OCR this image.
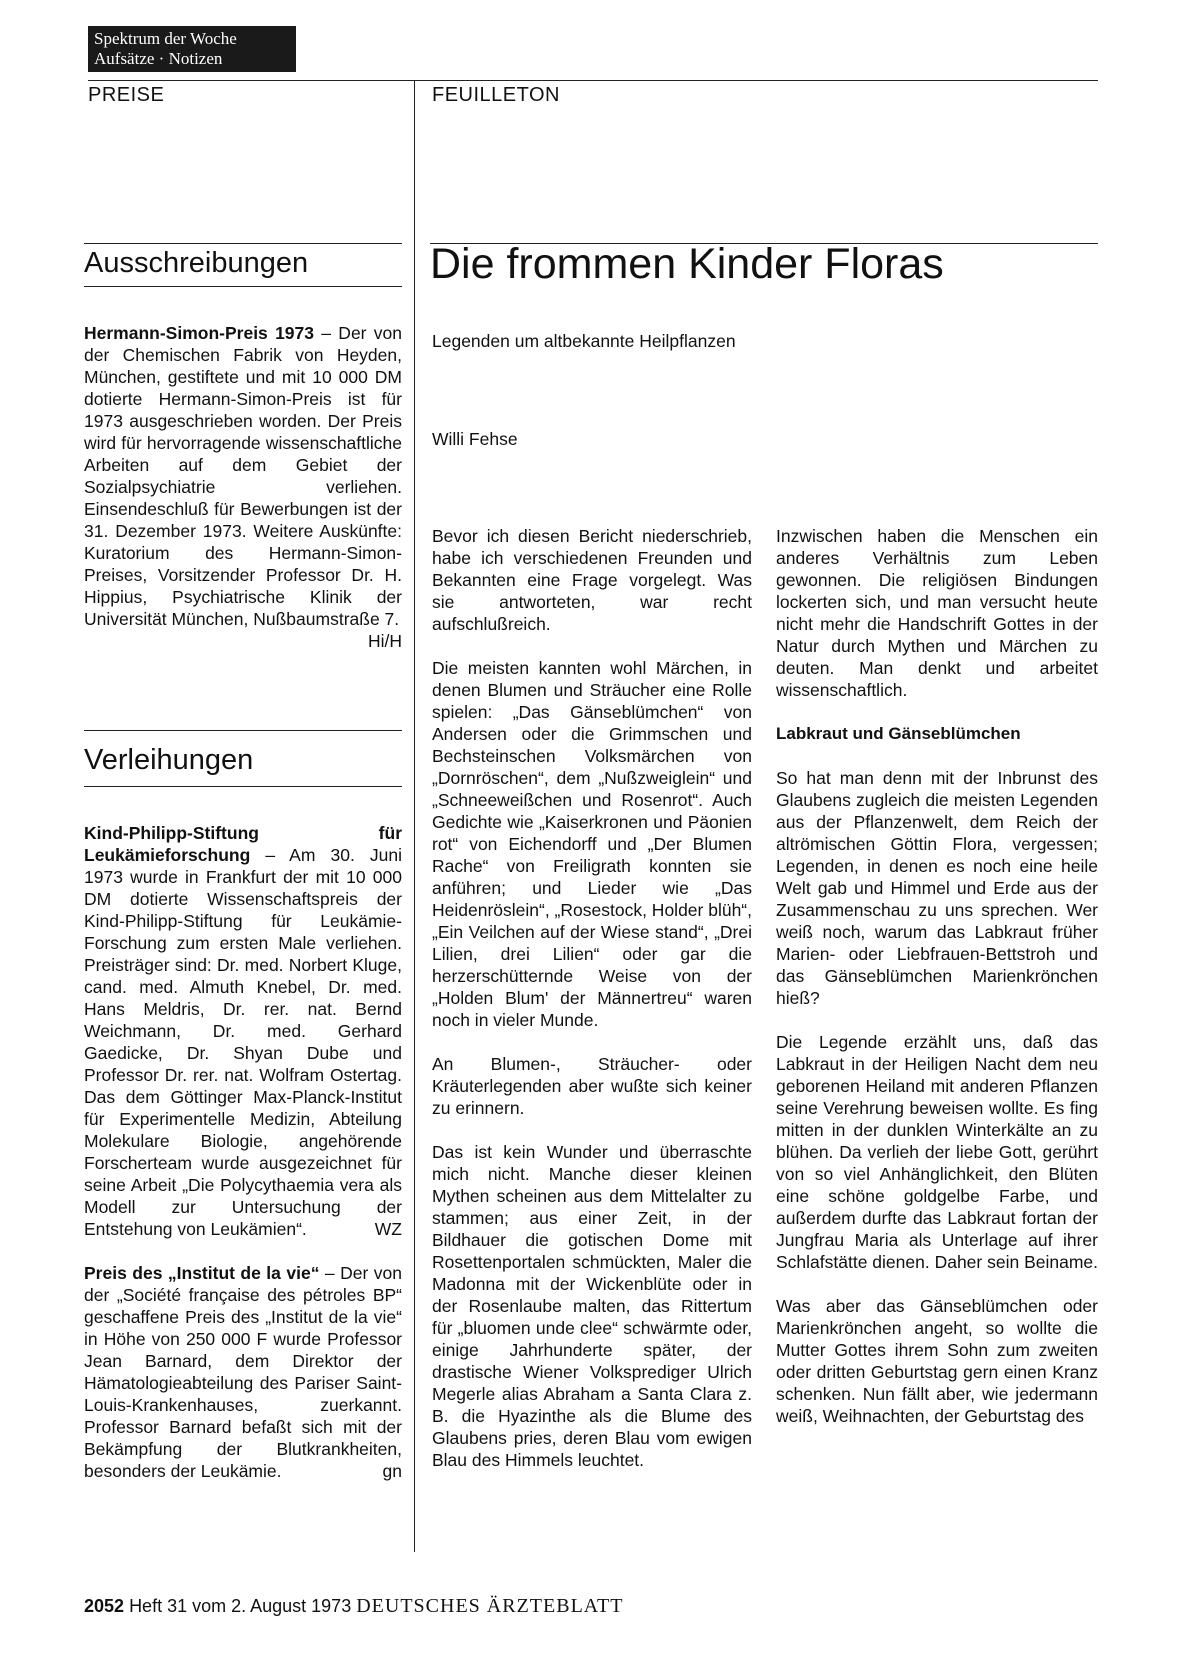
Spektrum der Woche
Aufsätze · Notizen
PREISE	FEUILLETON
Ausschreibungen

Hermann-Simon-Preis 1973 – Der von der Chemischen Fabrik von Heyden, München, gestiftete und mit 10 000 DM dotierte Hermann-Simon-Preis ist für 1973 ausgeschrieben worden. Der Preis wird für hervorragende wissenschaftliche Arbeiten auf dem Gebiet der Sozialpsychiatrie verliehen. Einsendeschluß für Bewerbungen ist der 31. Dezember 1973. Weitere Auskünfte: Kuratorium des Hermann-Simon-Preises, Vorsitzender Professor Dr. H. Hippius, Psychiatrische Klinik der Universität München, Nußbaumstraße 7.
Hi/H

Verleihungen

Kind-Philipp-Stiftung für Leukämieforschung – Am 30. Juni 1973 wurde in Frankfurt der mit 10 000 DM dotierte Wissenschaftspreis der Kind-Philipp-Stiftung für Leukämie-Forschung zum ersten Male verliehen. Preisträger sind: Dr. med. Norbert Kluge, cand. med. Almuth Knebel, Dr. med. Hans Meldris, Dr. rer. nat. Bernd Weichmann, Dr. med. Gerhard Gaedicke, Dr. Shyan Dube und Professor Dr. rer. nat. Wolfram Ostertag. Das dem Göttinger Max-Planck-Institut für Experimentelle Medizin, Abteilung Molekulare Biologie, angehörende Forscherteam wurde ausgezeichnet für seine Arbeit „Die Polycythaemia vera als Modell zur Untersuchung der Entstehung von Leukämien“.	WZ

Preis des „Institut de la vie“ – Der von der „Société française des pétroles BP“ geschaffene Preis des „Institut de la vie“ in Höhe von 250 000 F wurde Professor Jean Barnard, dem Direktor der Hämatologieabteilung des Pariser Saint-Louis-Krankenhauses, zuerkannt. Professor Barnard befaßt sich mit der Bekämpfung der Blutkrankheiten, besonders der Leukämie.	gn

Die frommen Kinder Floras
Legenden um altbekannte Heilpflanzen
Willi Fehse

Bevor ich diesen Bericht niederschrieb, habe ich verschiedenen Freunden und Bekannten eine Frage vorgelegt. Was sie antworteten, war recht aufschlußreich.

Die meisten kannten wohl Märchen, in denen Blumen und Sträucher eine Rolle spielen: „Das Gänseblümchen“ von Andersen oder die Grimmschen und Bechsteinschen Volksmärchen von „Dornröschen“, dem „Nußzweiglein“ und „Schneeweißchen und Rosenrot“. Auch Gedichte wie „Kaiserkronen und Päonien rot“ von Eichendorff und „Der Blumen Rache“ von Freiligrath konnten sie anführen; und Lieder wie „Das Heidenröslein“, „Rosestock, Holder blüh“, „Ein Veilchen auf der Wiese stand“, „Drei Lilien, drei Lilien“ oder gar die herzerschütternde Weise von der „Holden Blum' der Männertreu“ waren noch in vieler Munde.

An Blumen-, Sträucher- oder Kräuterlegenden aber wußte sich keiner zu erinnern.

Das ist kein Wunder und überraschte mich nicht. Manche dieser kleinen Mythen scheinen aus dem Mittelalter zu stammen; aus einer Zeit, in der Bildhauer die gotischen Dome mit Rosettenportalen schmückten, Maler die Madonna mit der Wickenblüte oder in der Rosenlaube malten, das Rittertum für „bluomen unde clee“ schwärmte oder, einige Jahrhunderte später, der drastische Wiener Volksprediger Ulrich Megerle alias Abraham a Santa Clara z. B. die Hyazinthe als die Blume des Glaubens pries, deren Blau vom ewigen Blau des Himmels leuchtet.

Inzwischen haben die Menschen ein anderes Verhältnis zum Leben gewonnen. Die religiösen Bindungen lockerten sich, und man versucht heute nicht mehr die Handschrift Gottes in der Natur durch Mythen und Märchen zu deuten. Man denkt und arbeitet wissenschaftlich.

Labkraut und Gänseblümchen

So hat man denn mit der Inbrunst des Glaubens zugleich die meisten Legenden aus der Pflanzenwelt, dem Reich der altrömischen Göttin Flora, vergessen; Legenden, in denen es noch eine heile Welt gab und Himmel und Erde aus der Zusammenschau zu uns sprechen. Wer weiß noch, warum das Labkraut früher Marien- oder Liebfrauen-Bettstroh und das Gänseblümchen Marienkrönchen hieß?

Die Legende erzählt uns, daß das Labkraut in der Heiligen Nacht dem neu geborenen Heiland mit anderen Pflanzen seine Verehrung beweisen wollte. Es fing mitten in der dunklen Winterkälte an zu blühen. Da verlieh der liebe Gott, gerührt von so viel Anhänglichkeit, den Blüten eine schöne goldgelbe Farbe, und außerdem durfte das Labkraut fortan der Jungfrau Maria als Unterlage auf ihrer Schlafstätte dienen. Daher sein Beiname.

Was aber das Gänseblümchen oder Marienkrönchen angeht, so wollte die Mutter Gottes ihrem Sohn zum zweiten oder dritten Geburtstag gern einen Kranz schenken. Nun fällt aber, wie jedermann weiß, Weihnachten, der Geburtstag des

2052 Heft 31 vom 2. August 1973 DEUTSCHES ÄRZTEBLATT
